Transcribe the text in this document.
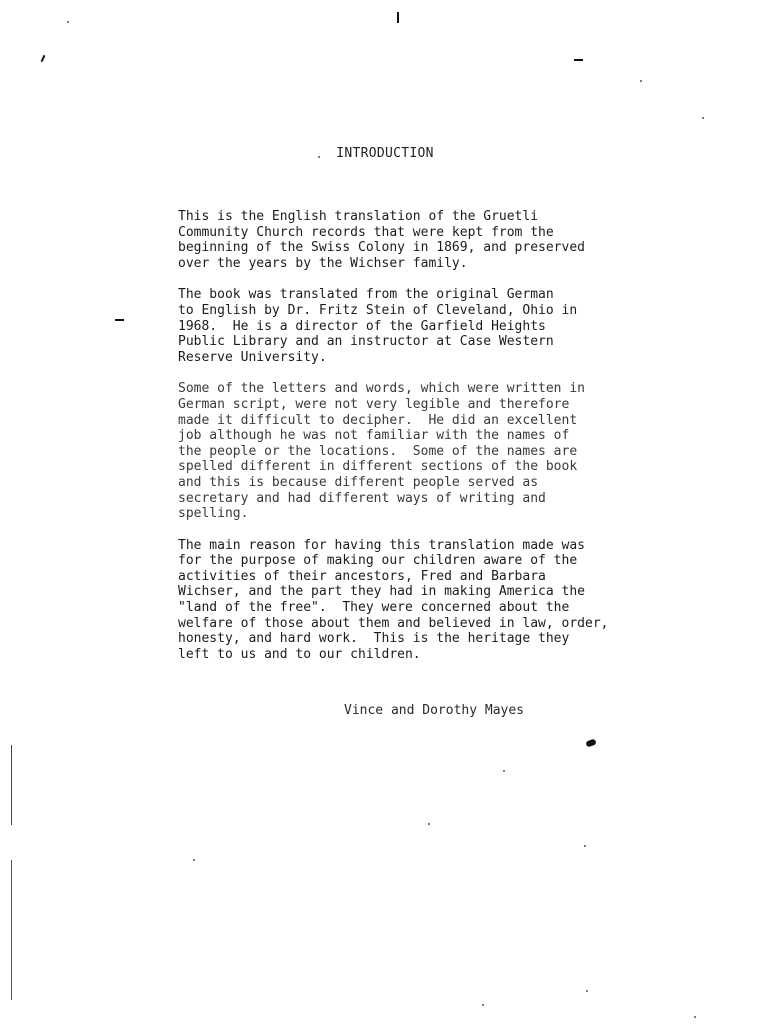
INTRODUCTION

This is the English translation of the Gruetli
Community Church records that were kept from the
beginning of the Swiss Colony in 1869, and preserved
over the years by the Wichser family.

The book was translated from the original German
to English by Dr. Fritz Stein of Cleveland, Ohio in
1968.  He is a director of the Garfield Heights
Public Library and an instructor at Case Western
Reserve University.

Some of the letters and words, which were written in
German script, were not very legible and therefore
made it difficult to decipher.  He did an excellent
job although he was not familiar with the names of
the people or the locations.  Some of the names are
spelled different in different sections of the book
and this is because different people served as
secretary and had different ways of writing and
spelling.

The main reason for having this translation made was
for the purpose of making our children aware of the
activities of their ancestors, Fred and Barbara
Wichser, and the part they had in making America the
"land of the free".  They were concerned about the
welfare of those about them and believed in law, order,
honesty, and hard work.  This is the heritage they
left to us and to our children.

Vince and Dorothy Mayes
